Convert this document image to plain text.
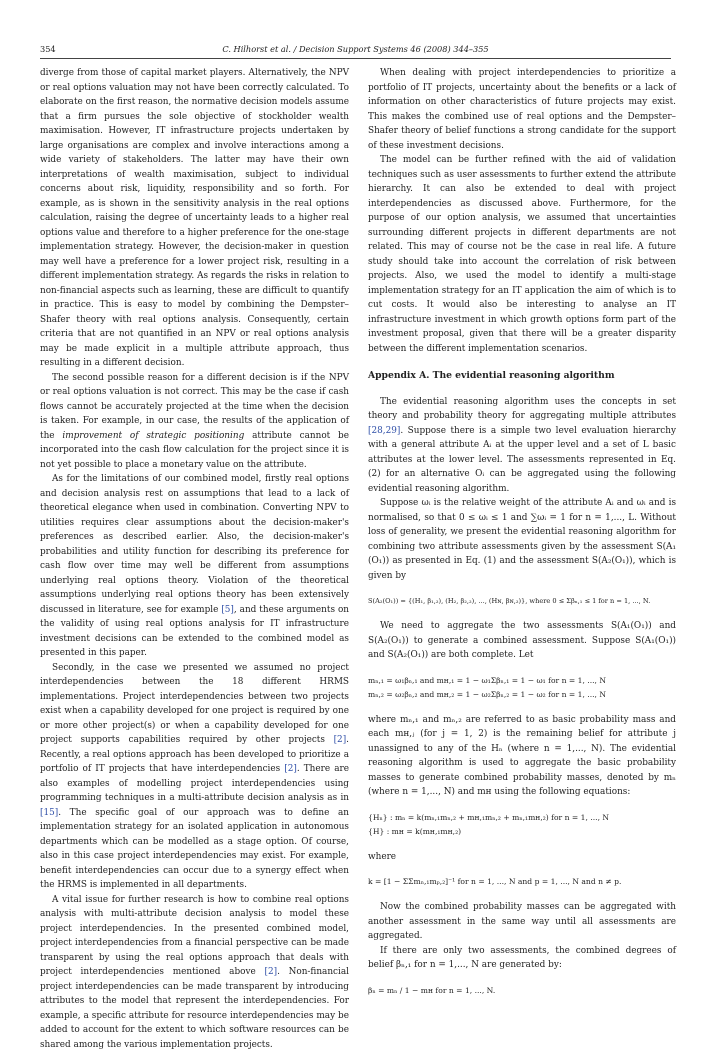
354	C. Hilhorst et al. / Decision Support Systems 46 (2008) 344–355

diverge from those of capital market players. Alternatively, the NPV or real options valuation may not have been correctly calculated. To elaborate on the first reason, the normative decision models assume that a firm pursues the sole objective of stockholder wealth maximisation. However, IT infrastructure projects undertaken by large organisations are complex and involve interactions among a wide variety of stakeholders. The latter may have their own interpretations of wealth maximisation, subject to individual concerns about risk, liquidity, responsibility and so forth. For example, as is shown in the sensitivity analysis in the real options calculation, raising the degree of uncertainty leads to a higher real options value and therefore to a higher preference for the one-stage implementation strategy. However, the decision-maker in question may well have a preference for a lower project risk, resulting in a different implementation strategy. As regards the risks in relation to non-financial aspects such as learning, these are difficult to quantify in practice. This is easy to model by combining the Dempster–Shafer theory with real options analysis. Consequently, certain criteria that are not quantified in an NPV or real options analysis may be made explicit in a multiple attribute approach, thus resulting in a different decision.

The second possible reason for a different decision is if the NPV or real options valuation is not correct. This may be the case if cash flows cannot be accurately projected at the time when the decision is taken. For example, in our case, the results of the application of the improvement of strategic positioning attribute cannot be incorporated into the cash flow calculation for the project since it is not yet possible to place a monetary value on the attribute.

As for the limitations of our combined model, firstly real options and decision analysis rest on assumptions that lead to a lack of theoretical elegance when used in combination. Converting NPV to utilities requires clear assumptions about the decision-maker's preferences as described earlier. Also, the decision-maker's probabilities and utility function for describing its preference for cash flow over time may well be different from assumptions underlying real options theory. Violation of the theoretical assumptions underlying real options theory has been extensively discussed in literature, see for example [5], and these arguments on the validity of using real options analysis for IT infrastructure investment decisions can be extended to the combined model as presented in this paper.

Secondly, in the case we presented we assumed no project interdependencies between the 18 different HRMS implementations. Project interdependencies between two projects exist when a capability developed for one project is required by one or more other project(s) or when a capability developed for one project supports capabilities required by other projects [2]. Recently, a real options approach has been developed to prioritize a portfolio of IT projects that have interdependencies [2]. There are also examples of modelling project interdependencies using programming techniques in a multi-attribute decision analysis as in [15]. The specific goal of our approach was to define an implementation strategy for an isolated application in autonomous departments which can be modelled as a stage option. Of course, also in this case project interdependencies may exist. For example, benefit interdependencies can occur due to a synergy effect when the HRMS is implemented in all departments.

A vital issue for further research is how to combine real options analysis with multi-attribute decision analysis to model these project interdependencies. In the presented combined model, project interdependencies from a financial perspective can be made transparent by using the real options approach that deals with project interdependencies mentioned above [2]. Non-financial project interdependencies can be made transparent by introducing attributes to the model that represent the interdependencies. For example, a specific attribute for resource interdependencies may be added to account for the extent to which software resources can be shared among the various implementation projects.

When dealing with project interdependencies to prioritize a portfolio of IT projects, uncertainty about the benefits or a lack of information on other characteristics of future projects may exist. This makes the combined use of real options and the Dempster–Shafer theory of belief functions a strong candidate for the support of these investment decisions.

The model can be further refined with the aid of validation techniques such as user assessments to further extend the attribute hierarchy. It can also be extended to deal with project interdependencies as discussed above. Furthermore, for the purpose of our option analysis, we assumed that uncertainties surrounding different projects in different departments are not related. This may of course not be the case in real life. A future study should take into account the correlation of risk between projects. Also, we used the model to identify a multi-stage implementation strategy for an IT application the aim of which is to cut costs. It would also be interesting to analyse an IT infrastructure investment in which growth options form part of the investment proposal, given that there will be a greater disparity between the different implementation scenarios.

Appendix A. The evidential reasoning algorithm

The evidential reasoning algorithm uses the concepts in set theory and probability theory for aggregating multiple attributes [28,29]. Suppose there is a simple two level evaluation hierarchy with a general attribute Aᵢ at the upper level and a set of L basic attributes at the lower level. The assessments represented in Eq. (2) for an alternative Oᵢ can be aggregated using the following evidential reasoning algorithm.

Suppose ωᵢ is the relative weight of the attribute Aᵢ and ωᵢ and is normalised, so that 0 ≤ ωᵢ ≤ 1 and ∑ωᵢ = 1 for n = 1,..., L. Without loss of generality, we present the evidential reasoning algorithm for combining two attribute assessments given by the assessment S(A₁ (O₁)) as presented in Eq. (1) and the assessment S(A₂(O₁)), which is given by

S(A₂(O₁)) = {(H₁, β₁,₂), (H₂, β₂,₂), ..., (Hɴ, βɴ,₂)}, where 0 ≤ Σβₙ,₁ ≤ 1 for n = 1, ..., N.

We need to aggregate the two assessments S(A₁(O₁)) and S(A₂(O₁)) to generate a combined assessment. Suppose S(A₁(O₁)) and S(A₂(O₁)) are both complete. Let

mₙ,₁ = ω₁βₙ,₁ and mʜ,₁ = 1 − ω₁Σβₙ,₁ = 1 − ω₁ for n = 1, ..., N
mₙ,₂ = ω₂βₙ,₂ and mʜ,₂ = 1 − ω₂Σβₙ,₂ = 1 − ω₂ for n = 1, ..., N

where mₙ,₁ and mₙ,₂ are referred to as basic probability mass and each mʜ,ⱼ (for j = 1, 2) is the remaining belief for attribute j unassigned to any of the Hₙ (where n = 1,..., N). The evidential reasoning algorithm is used to aggregate the basic probability masses to generate combined probability masses, denoted by mₙ (where n = 1,..., N) and mʜ using the following equations:

{Hₙ} : mₙ = k(mₙ,₁mₙ,₂ + mʜ,₁mₙ,₂ + mₙ,₁mʜ,₂) for n = 1, ..., N
{H} : mʜ = k(mʜ,₁mʜ,₂)

where

k = [1 − ΣΣmₙ,₁mₚ,₂]⁻¹ for n = 1, ..., N and p = 1, ..., N and n ≠ p.

Now the combined probability masses can be aggregated with another assessment in the same way until all assessments are aggregated.

If there are only two assessments, the combined degrees of belief βₙ,₁ for n = 1,..., N are generated by:

βₙ = mₙ / 1 − mʜ for n = 1, ..., N.
